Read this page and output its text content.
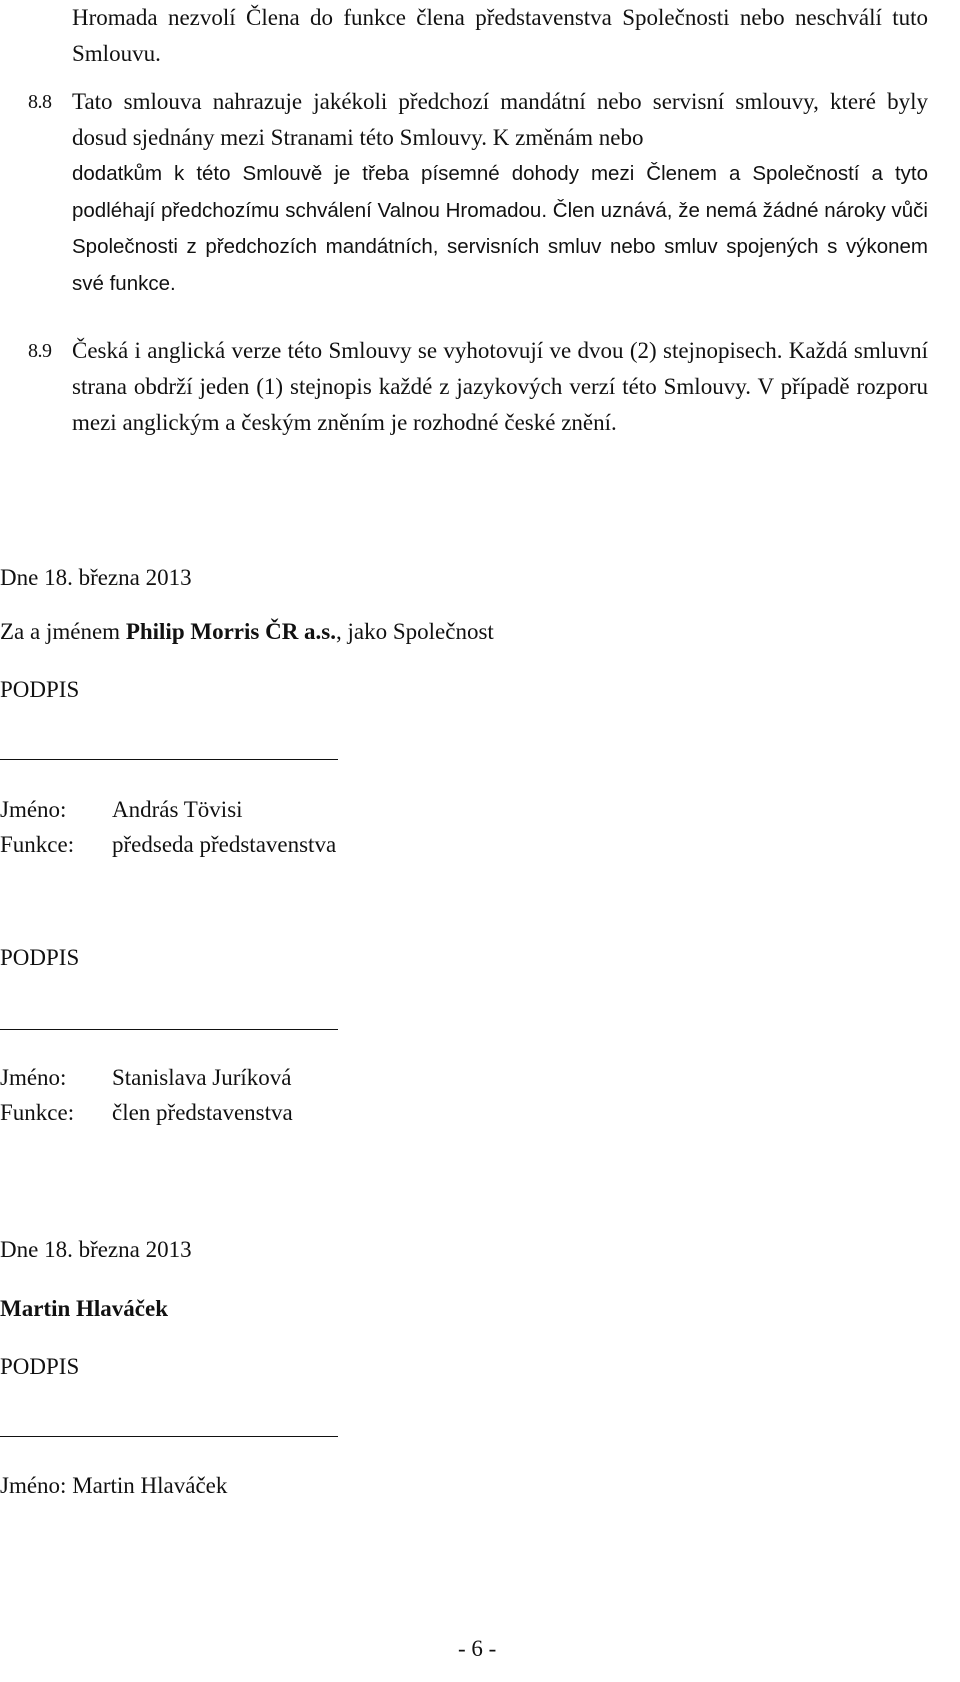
Hromada nezvolí Člena do funkce člena představenstva Společnosti nebo neschválí tuto Smlouvu.
8.8 Tato smlouva nahrazuje jakékoli předchozí mandátní nebo servisní smlouvy, které byly dosud sjednány mezi Stranami této Smlouvy. K změnám nebo
dodatkům k této Smlouvě je třeba písemné dohody mezi Členem a Společností a tyto podléhají předchozímu schválení Valnou Hromadou. Člen uznává, že nemá žádné nároky vůči Společnosti z předchozích mandátních, servisních smluv nebo smluv spojených s výkonem své funkce.
8.9 Česká i anglická verze této Smlouvy se vyhotovují ve dvou (2) stejnopisech. Každá smluvní strana obdrží jeden (1) stejnopis každé z jazykových verzí této Smlouvy. V případě rozporu mezi anglickým a českým zněním je rozhodné české znění.
Dne 18. března 2013
Za a jménem Philip Morris ČR a.s., jako Společnost
PODPIS
Jméno: András Tövisi
Funkce: předseda představenstva
PODPIS
Jméno: Stanislava Juríková
Funkce: člen představenstva
Dne 18. března 2013
Martin Hlaváček
PODPIS
Jméno: Martin Hlaváček
- 6 -
